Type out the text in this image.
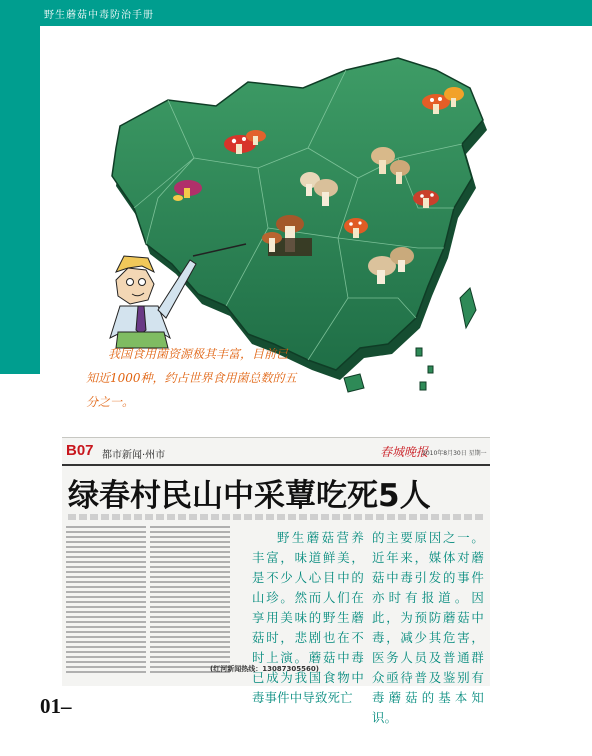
野生蘑菇中毒防治手册
我国食用菌资源极其丰富，目前已
知近1000种，约占世界食用菌总数的五
分之一。
B07 都市新闻·州市	春城晚报
2010年8月30日 星期一
绿春村民山中采蕈吃死5人
(红河新闻热线：13087305560)
野生蘑菇营养丰富，味道鲜美，是不少人心目中的山珍。然而人们在享用美味的野生蘑菇时，悲剧也在不时上演。蘑菇中毒已成为我国食物中毒事件中导致死亡
的主要原因之一。近年来，媒体对蘑菇中毒引发的事件亦时有报道。因此，为预防蘑菇中毒，减少其危害，医务人员及普通群众亟待普及鉴别有毒蘑菇的基本知识。
01–
